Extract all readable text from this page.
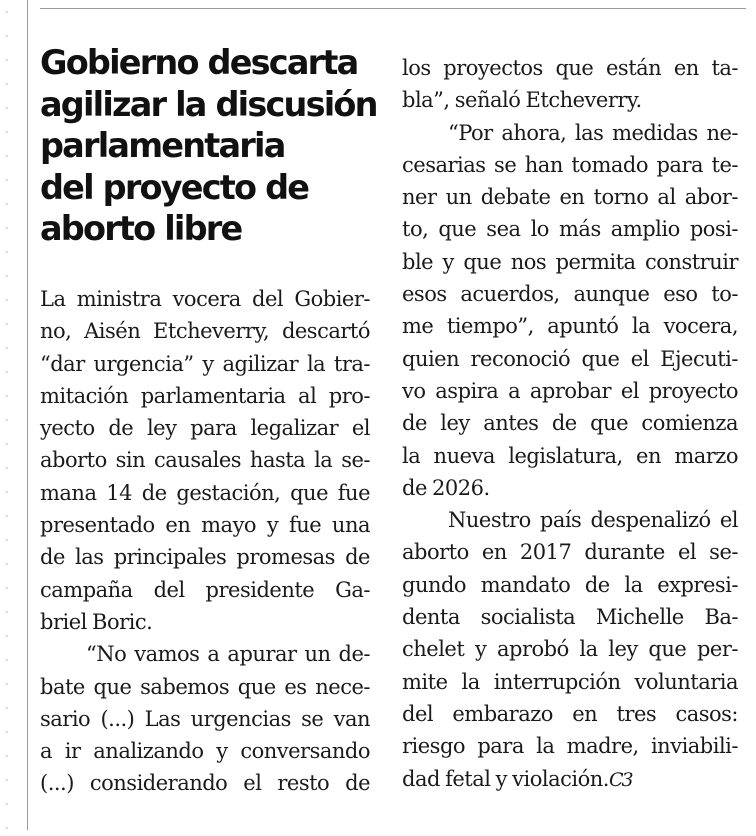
Gobierno descarta
agilizar la discusión
parlamentaria
del proyecto de
aborto libre
La ministra vocera del Gobier-
no, Aisén Etcheverry, descartó
“dar urgencia” y agilizar la tra-
mitación parlamentaria al pro-
yecto de ley para legalizar el
aborto sin causales hasta la se-
mana 14 de gestación, que fue
presentado en mayo y fue una
de las principales promesas de
campaña del presidente Ga-
briel Boric.
“No vamos a apurar un de-
bate que sabemos que es nece-
sario (...) Las urgencias se van
a ir analizando y conversando
(...) considerando el resto de
los proyectos que están en ta-
bla”, señaló Etcheverry.
“Por ahora, las medidas ne-
cesarias se han tomado para te-
ner un debate en torno al abor-
to, que sea lo más amplio posi-
ble y que nos permita construir
esos acuerdos, aunque eso to-
me tiempo”, apuntó la vocera,
quien reconoció que el Ejecuti-
vo aspira a aprobar el proyecto
de ley antes de que comienza
la nueva legislatura, en marzo
de 2026.
Nuestro país despenalizó el
aborto en 2017 durante el se-
gundo mandato de la expresi-
denta socialista Michelle Ba-
chelet y aprobó la ley que per-
mite la interrupción voluntaria
del embarazo en tres casos:
riesgo para la madre, inviabili-
dad fetal y violación.C3
